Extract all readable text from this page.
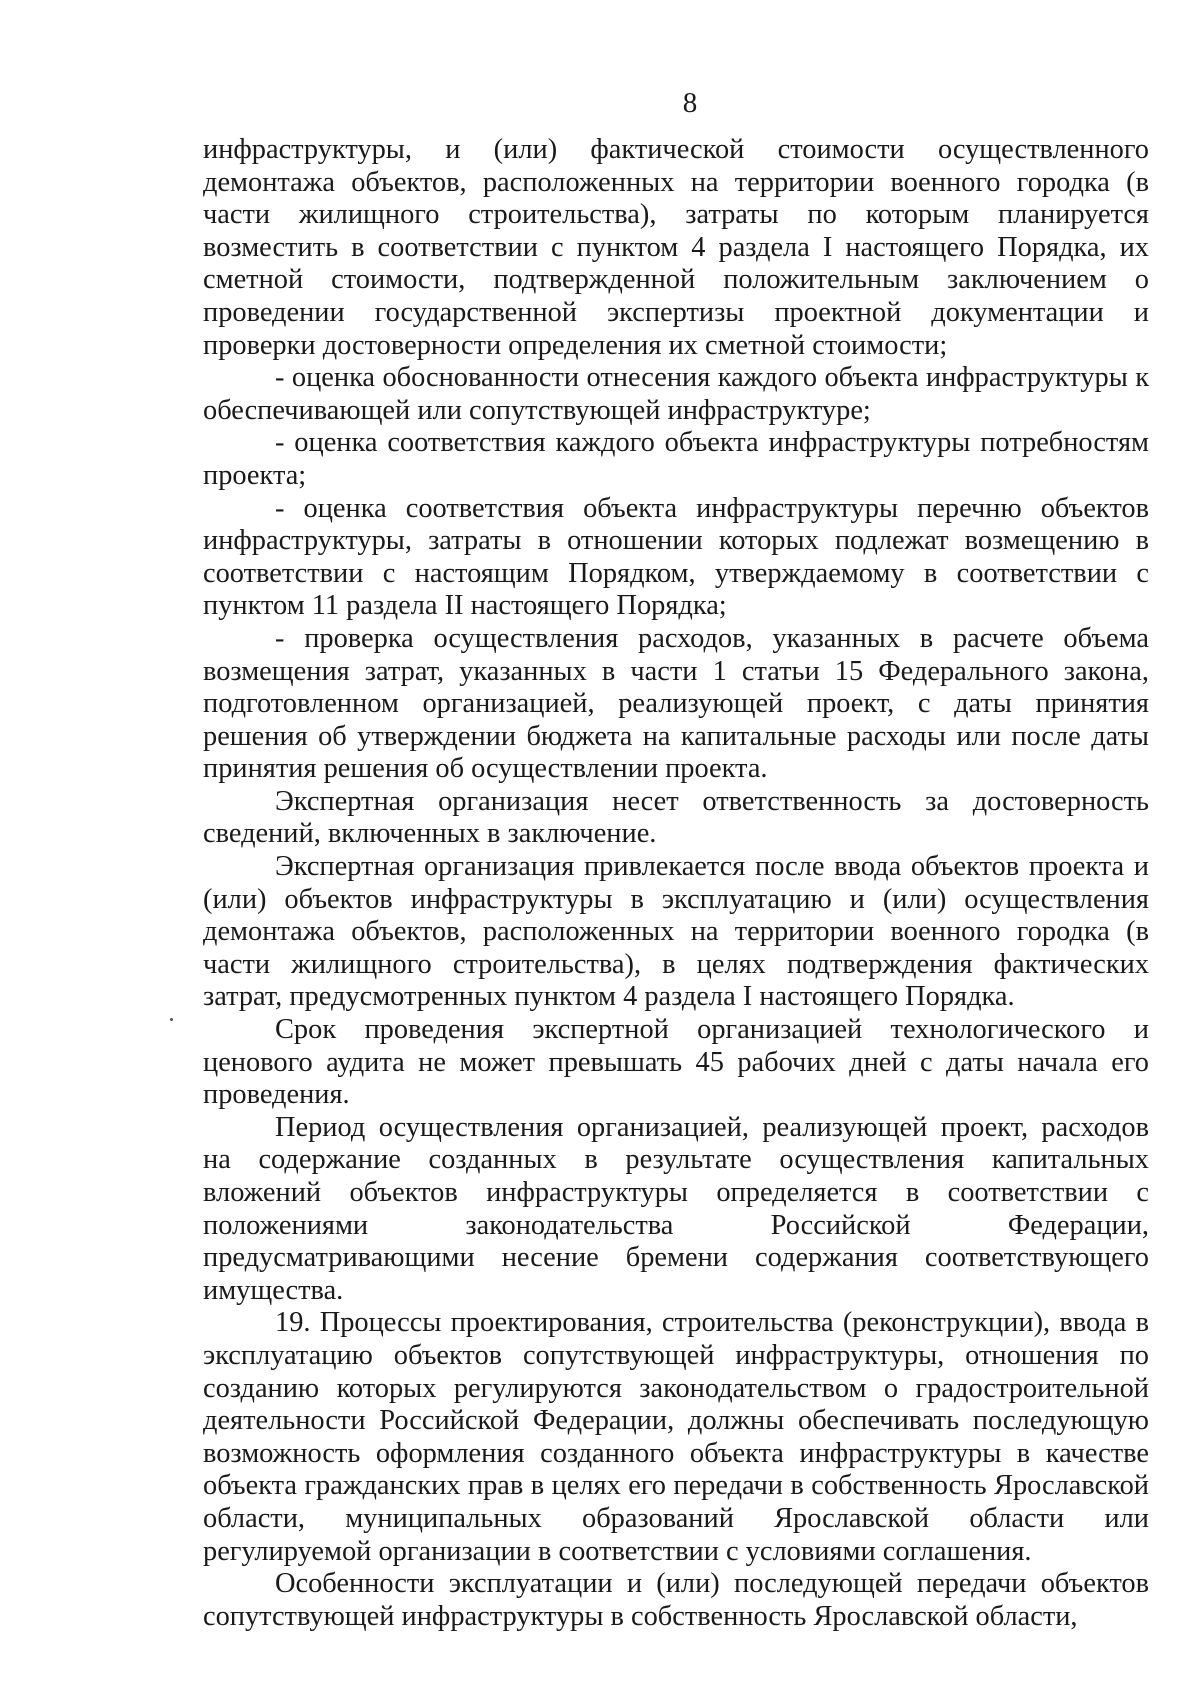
8

инфраструктуры, и (или) фактической стоимости осуществленного демонтажа объектов, расположенных на территории военного городка (в части жилищного строительства), затраты по которым планируется возместить в соответствии с пунктом 4 раздела I настоящего Порядка, их сметной стоимости, подтвержденной положительным заключением о проведении государственной экспертизы проектной документации и проверки достоверности определения их сметной стоимости;

- оценка обоснованности отнесения каждого объекта инфраструктуры к обеспечивающей или сопутствующей инфраструктуре;

- оценка соответствия каждого объекта инфраструктуры потребностям проекта;

- оценка соответствия объекта инфраструктуры перечню объектов инфраструктуры, затраты в отношении которых подлежат возмещению в соответствии с настоящим Порядком, утверждаемому в соответствии с пунктом 11 раздела II настоящего Порядка;

- проверка осуществления расходов, указанных в расчете объема возмещения затрат, указанных в части 1 статьи 15 Федерального закона, подготовленном организацией, реализующей проект, с даты принятия решения об утверждении бюджета на капитальные расходы или после даты принятия решения об осуществлении проекта.

Экспертная организация несет ответственность за достоверность сведений, включенных в заключение.

Экспертная организация привлекается после ввода объектов проекта и (или) объектов инфраструктуры в эксплуатацию и (или) осуществления демонтажа объектов, расположенных на территории военного городка (в части жилищного строительства), в целях подтверждения фактических затрат, предусмотренных пунктом 4 раздела I настоящего Порядка.

Срок проведения экспертной организацией технологического и ценового аудита не может превышать 45 рабочих дней с даты начала его проведения.

Период осуществления организацией, реализующей проект, расходов на содержание созданных в результате осуществления капитальных вложений объектов инфраструктуры определяется в соответствии с положениями законодательства Российской Федерации, предусматривающими несение бремени содержания соответствующего имущества.

19. Процессы проектирования, строительства (реконструкции), ввода в эксплуатацию объектов сопутствующей инфраструктуры, отношения по созданию которых регулируются законодательством о градостроительной деятельности Российской Федерации, должны обеспечивать последующую возможность оформления созданного объекта инфраструктуры в качестве объекта гражданских прав в целях его передачи в собственность Ярославской области, муниципальных образований Ярославской области или регулируемой организации в соответствии с условиями соглашения.

Особенности эксплуатации и (или) последующей передачи объектов сопутствующей инфраструктуры в собственность Ярославской области,
